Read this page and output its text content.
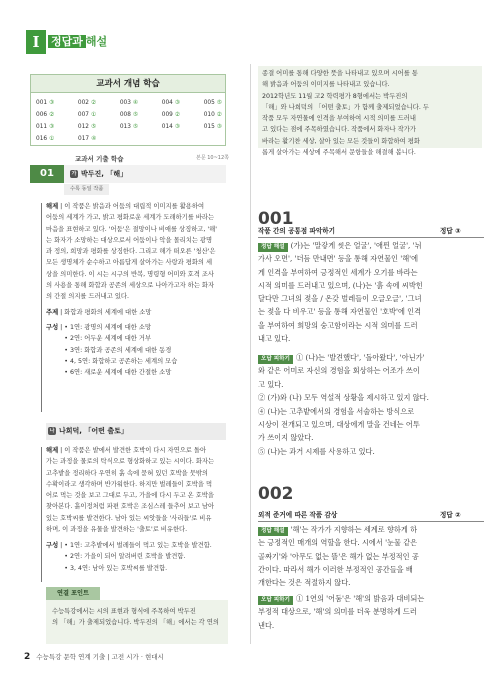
I	정답과 해설
교과서 개념 학습
001 ③	002 ②	003 ④	004 ③	005 ⑤
006 ②	007 ①	008 ⑤	009 ②	010 ②
011 ③	012 ⑤	013 ⑤	014 ③	015 ③
016 ①	017 ④
교과서 기출 학습	본문 10~12쪽
01	가 박두진, 「해」
수록 동일 작품
해제 | 이 작품은 밝음과 어둠의 대립적 이미지를 활용하여
어둠의 세계가 가고, 밝고 평화로운 세계가 도래하기를 바라는
마음을 표현하고 있다. '어둠'은 절망이나 비애를 상징하고, '해'
는 화자가 소망하는 대상으로서 어둠이나 악을 몰리치는 광명
과 정의, 희망과 평화를 상징한다. 그리고 해가 떠오른 '청산'은
모든 생명체가 순수하고 아름답게 살아가는 사랑과 평화의 세
상을 의미한다. 이 시는 시구의 반복, 명령형 어미와 호격 조사
의 사용을 통해 화합과 공존의 세상으로 나아가고자 하는 화자
의 간절 의지를 드러내고 있다.
주제 | 화합과 평화의 세계에 대한 소망
구성 | • 1연: 광명의 세계에 대한 소망
• 2연: 어두운 세계에 대한 거부
• 3연: 화합과 공존의 세계에 대한 동경
• 4, 5연: 화합하고 공존하는 세계의 모습
• 6연: 새로운 세계에 대한 간절한 소망
나 나희덕, 「어떤 출토」
해제 | 이 작품은 밭에서 발견한 호박이 다시 자연으로 돌아
가는 과정을 물로의 탁식으로 형상화하고 있는 시이다. 화자는
고추밭을 정리하다 우연히 흙 속에 묻혀 있던 호박을 뭇밖의
수확이라고 생각하며 반가워한다. 하지만 벌레들이 호박을 먹
어로 먹는 것을 보고 그대로 두고, 가을에 다시 두고 온 호박을
찾아본다. 흙이정처럼 파편 호박은 조심스레 들추어 보고 남아
있는 호박씨를 발견한다. 남아 있는 씨앗들을 '사리들'로 비유
하며, 이 과정을 유물을 발견하는 '출토'로 비유한다.
구성 | • 1연: 고추밭에서 벌레들이 먹고 있는 호박을 발견함.
• 2연: 가을이 되어 알려버린 호박을 발견함.
• 3, 4연: 남아 있는 호박씨를 발견함.
연결 포인트
수능특강에서는 시의 표현과 형식에 주목하여 박두진
의 「해」가 출제되었습니다. 박두진의 「해」에서는 각 연의
종결 어미를 통해 다양한 뜻을 나타내고 있으며 시어를 통
해 밝음과 어둠의 이미지를 나타내고 있습니다.
2012학년도 11월 고2 학력평가 8형에서는 박두진의
「해」와 나희덕의 「어떤 출토」가 함께 출제되었습니다. 두
작품 모두 자연물에 인격을 부여하여 시적 의미를 드러내
고 있다는 점에 주목하였습니다. 작품에서 화자나 작가가
바라는 활기찬 세상, 살아 있는 모든 것들이 화합하여 평화
롭게 살아가는 세상에 주목해서 문항들을 해결해 봅니다.
001
작품 간의 공통점 파악하기	정답 ③
정답 해설 (가)는 '말갛게 씻은 얼굴', '애띈 얼굴', '뉘
가사 오면', '더듬 만내면' 등을 통해 자연물인 '해'에
게 인격을 부여하여 긍정적인 세계가 오기를 바라는
시적 의미를 드러내고 있으며, (나)는 '흙 속에 씨박힌
달다만 그녀의 젖을 / 온갖 벌레들이 오글오글', '그녀
는 젖을 다 비우고' 등을 통해 자연물인 '호박'에 인격
을 부여하여 희망의 숭고함이라는 시적 의미를 드러
내고 있다.
오답 피하기 ① (나)는 '발견했다', '돌아왔다', '아닌가'
와 같은 어미로 자신의 경험을 회상하는 어조가 쓰이
고 있다.
② (가)와 (나) 모두 역설적 상황을 제시하고 있지 않다.
④ (나)는 고추밭에서의 경험을 서술하는 방식으로
시상이 전개되고 있으며, 대상에게 말을 건네는 어투
가 쓰이지 않았다.
⑤ (나)는 과거 시제를 사용하고 있다.
002
외적 준거에 따른 작품 감상	정답 ②
정답 해설 '해'는 작가가 지향하는 세계로 향하게 하
는 긍정적인 매개의 역할을 한다. 시에서 '눈물 같은
골짜기'와 '아무도 없는 뜰'은 해가 없는 부정적인 공
간이다. 따라서 해가 이러한 부정적인 공간들을 배
개한다는 것은 적절하지 않다.
오답 피하기 ① 1연의 '어둠'은 '해'의 밝음과 대비되는
부정적 대상으로, '해'의 의미를 더욱 분명하게 드러
낸다.
2 수능특강 문학 연계 기출 | 고전 시가 · 현대시
